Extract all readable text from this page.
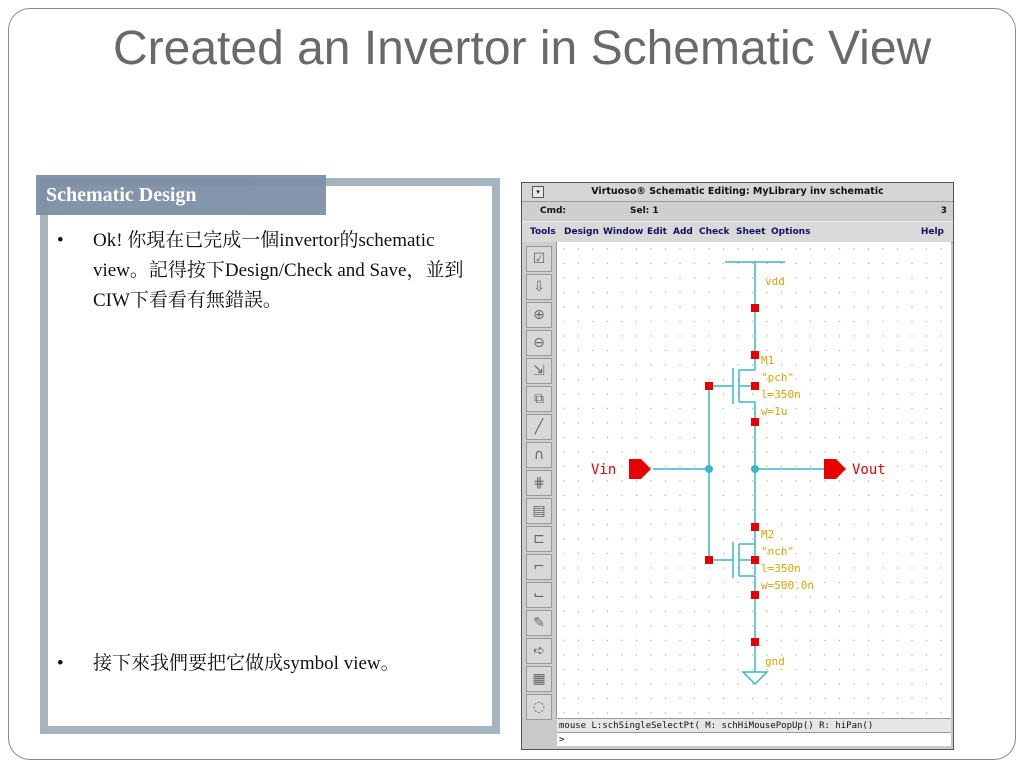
Created an Invertor in Schematic View
Schematic Design
• Ok! 你現在已完成一個invertor的schematic view。記得按下Design/Check and Save，並到CIW下看看有無錯誤。
• 接下來我們要把它做成symbol view。
▾	Virtuoso® Schematic Editing: MyLibrary inv schematic
Cmd:	Sel: 1	3
Tools Design Window Edit Add Check Sheet Options	Help
☑
⇩
⊕
⊖
⇲
⧉
╱
∩
⋕
▤
⊏
⌐
⌙
✎
➪
▦
◌
vdd
gnd
M1
"pch"
l=350n
w=1u
M2
"nch"
l=350n
w=500.0n
Vin	Vout
mouse L:schSingleSelectPt( M: schHiMousePopUp() R: hiPan()
>
